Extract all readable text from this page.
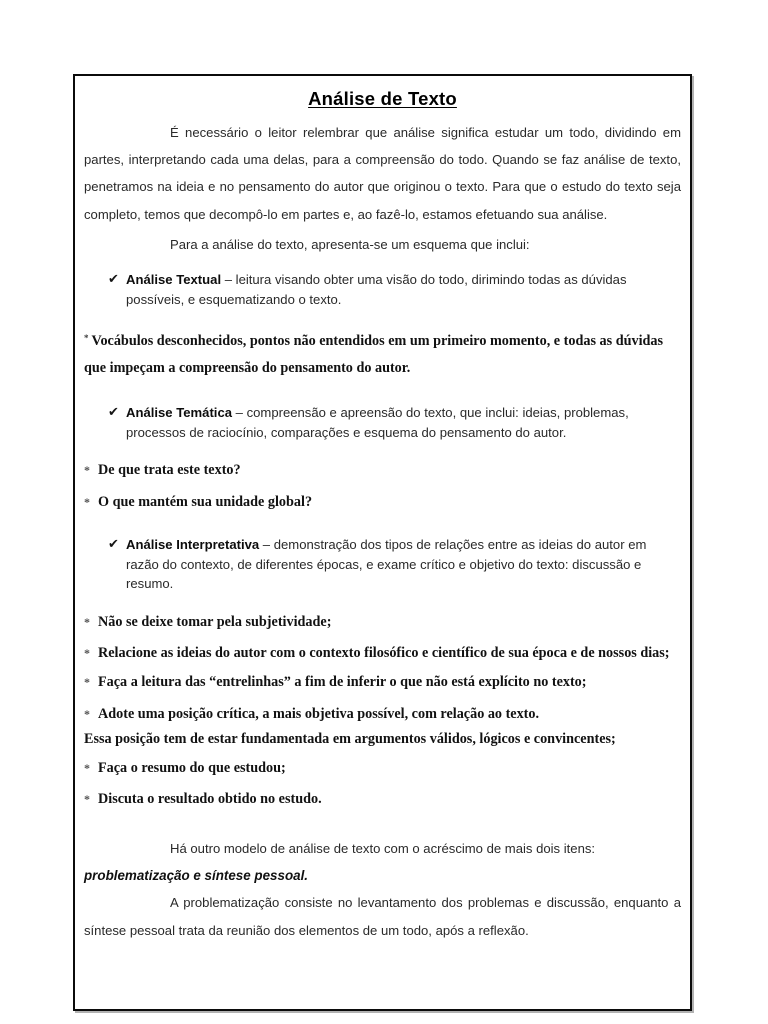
Análise de Texto

É necessário o leitor relembrar que análise significa estudar um todo, dividindo em partes, interpretando cada uma delas, para a compreensão do todo. Quando se faz análise de texto, penetramos na ideia e no pensamento do autor que originou o texto. Para que o estudo do texto seja completo, temos que decompô-lo em partes e, ao fazê-lo, estamos efetuando sua análise.

Para a análise do texto, apresenta-se um esquema que inclui:

✔ Análise Textual – leitura visando obter uma visão do todo, dirimindo todas as dúvidas possíveis, e esquematizando o texto.

* Vocábulos desconhecidos, pontos não entendidos em um primeiro momento, e todas as dúvidas que impeçam a compreensão do pensamento do autor.

✔ Análise Temática – compreensão e apreensão do texto, que inclui: ideias, problemas, processos de raciocínio, comparações e esquema do pensamento do autor.
* De que trata este texto?
* O que mantém sua unidade global?
✔ Análise Interpretativa – demonstração dos tipos de relações entre as ideias do autor em razão do contexto, de diferentes épocas, e exame crítico e objetivo do texto: discussão e resumo.
* Não se deixe tomar pela subjetividade;
* Relacione as ideias do autor com o contexto filosófico e científico de sua época e de nossos dias;
* Faça a leitura das “entrelinhas” a fim de inferir o que não está explícito no texto;
* Adote uma posição crítica, a mais objetiva possível, com relação ao texto.

Essa posição tem de estar fundamentada em argumentos válidos, lógicos e convincentes;

* Faça o resumo do que estudou;
* Discuta o resultado obtido no estudo.

Há outro modelo de análise de texto com o acréscimo de mais dois itens:

problematização e síntese pessoal.

A problematização consiste no levantamento dos problemas e discussão, enquanto a síntese pessoal trata da reunião dos elementos de um todo, após a reflexão.
